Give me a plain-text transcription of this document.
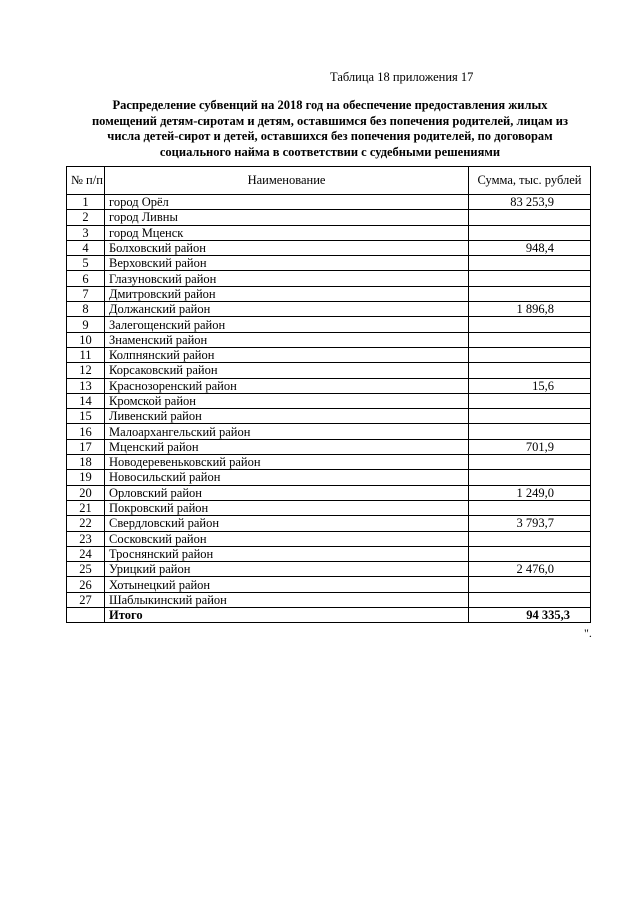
Таблица 18 приложения 17
Распределение субвенций на 2018 год на обеспечение предоставления жилых помещений детям-сиротам и детям, оставшимся без попечения родителей, лицам из числа детей-сирот и детей, оставшихся без попечения родителей, по договорам социального найма в соответствии с судебными решениями
№ п/п	Наименование	Сумма, тыс. рублей
1	город Орёл	83 253,9
2	город Ливны	
3	город Мценск	
4	Болховский район	948,4
5	Верховский район	
6	Глазуновский район	
7	Дмитровский район	
8	Должанский район	1 896,8
9	Залегощенский район	
10	Знаменский район	
11	Колпнянский район	
12	Корсаковский район	
13	Краснозоренский район	15,6
14	Кромской район	
15	Ливенский район	
16	Малоархангельский район	
17	Мценский район	701,9
18	Новодеревеньковский район	
19	Новосильский район	
20	Орловский район	1 249,0
21	Покровский район	
22	Свердловский район	3 793,7
23	Сосковский район	
24	Троснянский район	
25	Урицкий район	2 476,0
26	Хотынецкий район	
27	Шаблыкинский район	
	Итого	94 335,3
".
